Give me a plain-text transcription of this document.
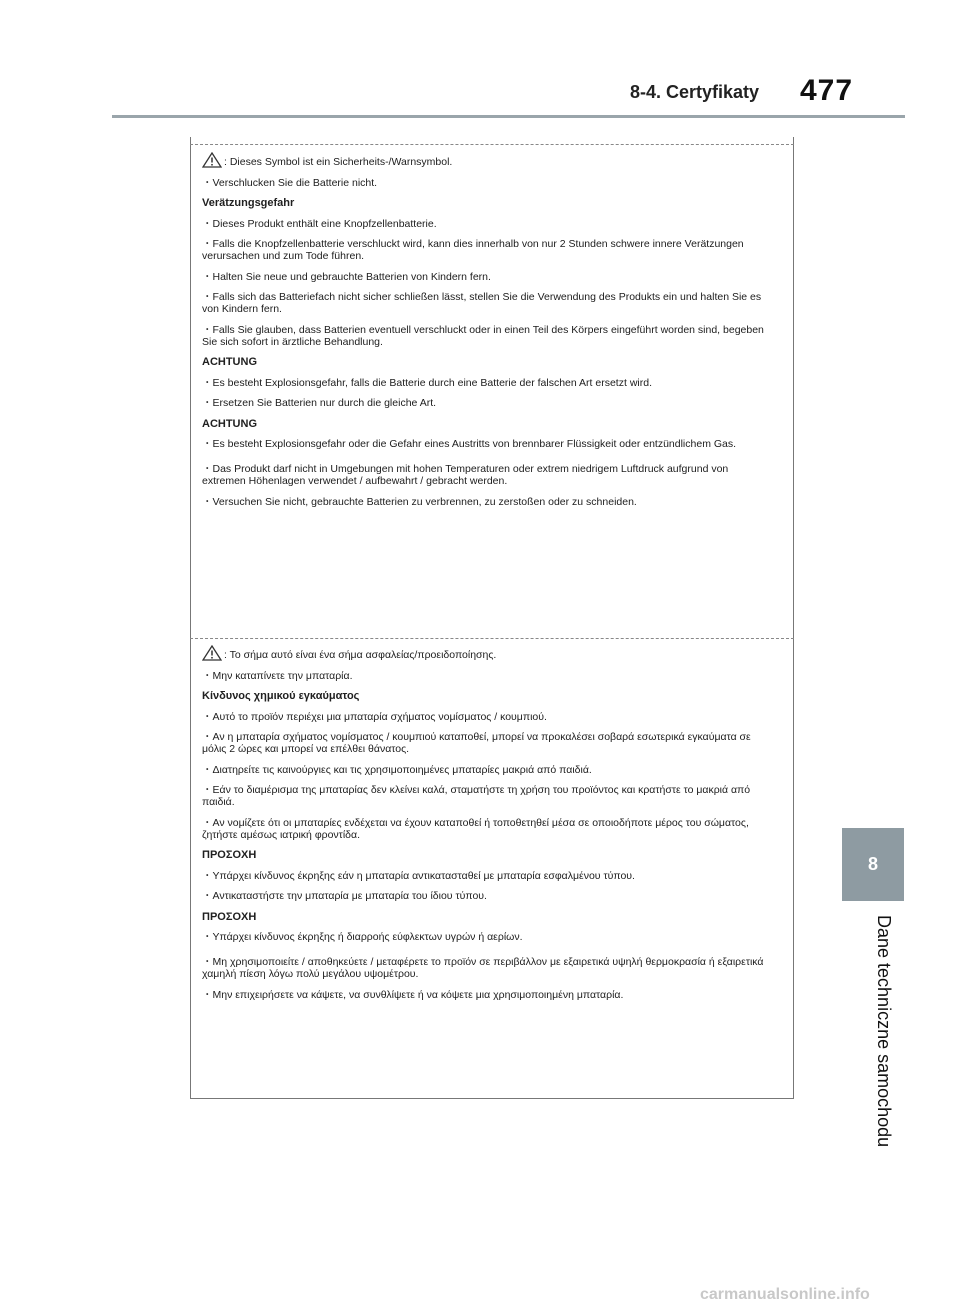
8-4. Certyfikaty 477

: Dieses Symbol ist ein Sicherheits-/Warnsymbol.

・Verschlucken Sie die Batterie nicht.

Verätzungsgefahr

・Dieses Produkt enthält eine Knopfzellenbatterie.

・Falls die Knopfzellenbatterie verschluckt wird, kann dies innerhalb von nur 2 Stunden schwere innere Verätzungen verursachen und zum Tode führen.

・Halten Sie neue und gebrauchte Batterien von Kindern fern.

・Falls sich das Batteriefach nicht sicher schließen lässt, stellen Sie die Verwendung des Produkts ein und halten Sie es von Kindern fern.

・Falls Sie glauben, dass Batterien eventuell verschluckt oder in einen Teil des Körpers eingeführt worden sind, begeben Sie sich sofort in ärztliche Behandlung.

ACHTUNG

・Es besteht Explosionsgefahr, falls die Batterie durch eine Batterie der falschen Art ersetzt wird.

・Ersetzen Sie Batterien nur durch die gleiche Art.

ACHTUNG

・Es besteht Explosionsgefahr oder die Gefahr eines Austritts von brennbarer Flüssigkeit oder entzündlichem Gas.

・Das Produkt darf nicht in Umgebungen mit hohen Temperaturen oder extrem niedrigem Luftdruck aufgrund von extremen Höhenlagen verwendet / aufbewahrt / gebracht werden.

・Versuchen Sie nicht, gebrauchte Batterien zu verbrennen, zu zerstoßen oder zu schneiden.

: Το σήμα αυτό είναι ένα σήμα ασφαλείας/προειδοποίησης.

・Μην καταπίνετε την μπαταρία.

Κίνδυνος χημικού εγκαύματος

・Αυτό το προϊόν περιέχει μια μπαταρία σχήματος νομίσματος / κουμπιού.

・Αν η μπαταρία σχήματος νομίσματος / κουμπιού καταποθεί, μπορεί να προκαλέσει σοβαρά εσωτερικά εγκαύματα σε μόλις 2 ώρες και μπορεί να επέλθει θάνατος.

・Διατηρείτε τις καινούργιες και τις χρησιμοποιημένες μπαταρίες μακριά από παιδιά.

・Εάν το διαμέρισμα της μπαταρίας δεν κλείνει καλά, σταματήστε τη χρήση του προϊόντος και κρατήστε το μακριά από παιδιά.

・Αν νομίζετε ότι οι μπαταρίες ενδέχεται να έχουν καταποθεί ή τοποθετηθεί μέσα σε οποιοδήποτε μέρος του σώματος, ζητήστε αμέσως ιατρική φροντίδα.

ΠΡΟΣΟΧΗ

・Υπάρχει κίνδυνος έκρηξης εάν η μπαταρία αντικατασταθεί με μπαταρία εσφαλμένου τύπου.

・Αντικαταστήστε την μπαταρία με μπαταρία του ίδιου τύπου.

ΠΡΟΣΟΧΗ

・Υπάρχει κίνδυνος έκρηξης ή διαρροής εύφλεκτων υγρών ή αερίων.

・Μη χρησιμοποιείτε / αποθηκεύετε / μεταφέρετε το προϊόν σε περιβάλλον με εξαιρετικά υψηλή θερμοκρασία ή εξαιρετικά χαμηλή πίεση λόγω πολύ μεγάλου υψομέτρου.

・Μην επιχειρήσετε να κάψετε, να συνθλίψετε ή να κόψετε μια χρησιμοποιημένη μπαταρία.

8
Dane techniczne samochodu
carmanualsonline.info
